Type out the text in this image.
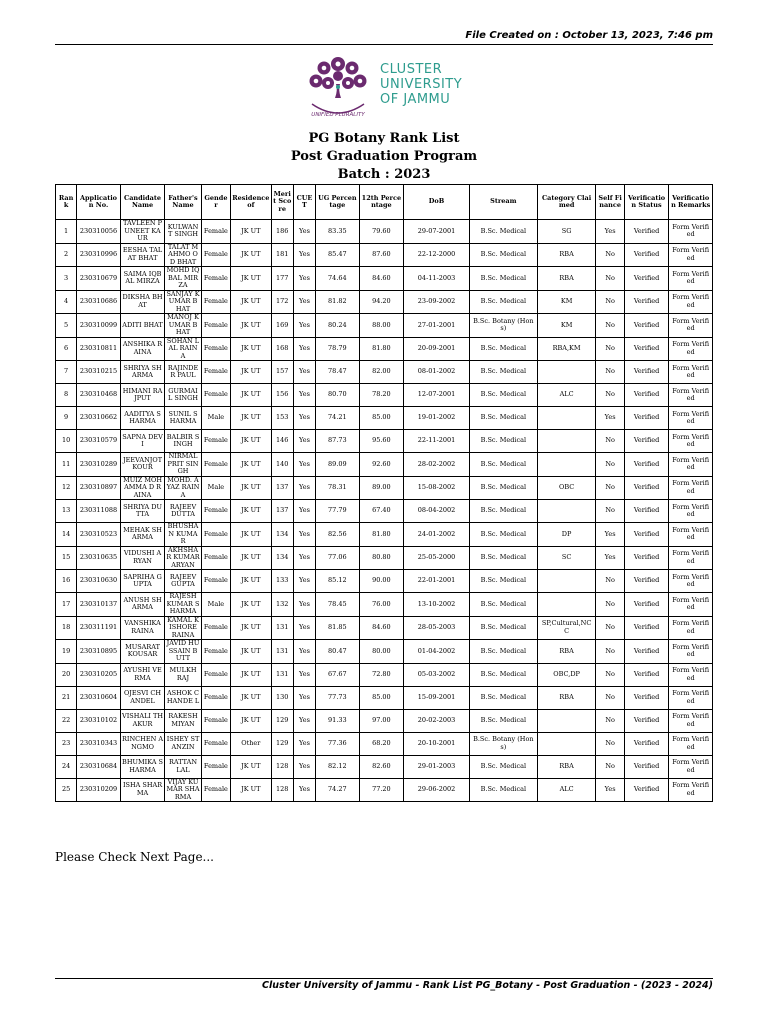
File Created on : October 13, 2023, 7:46 pm
UNIFIED PLURALITY
CLUSTER
UNIVERSITY
OF JAMMU
PG Botany Rank List
Post Graduation Program
Batch : 2023
Rank	Application No.	Candidate Name	Father's Name	Gender	Residence of	Merit Score	CUET	UG Percentage	12th Percentage	DoB	Stream	Category Claimed	Self Finance	Verification Status	Verification Remarks
1	230310056	TAVLEEN PUNEET KAUR	KULWAN T SINGH	Female	JK UT	186	Yes	83.35	79.60	29-07-2001	B.Sc. Medical	SG	Yes	Verified	Form Verified
2	230310996	EESHA TALAT BHAT	TALAT MAHMO OD BHAT	Female	JK UT	181	Yes	85.47	87.60	22-12-2000	B.Sc. Medical	RBA	No	Verified	Form Verified
3	230310679	SAIMA IQBAL MIRZA	MOHD IQBAL MIRZA	Female	JK UT	177	Yes	74.64	84.60	04-11-2003	B.Sc. Medical	RBA	No	Verified	Form Verified
4	230310686	DIKSHA BHAT	SANJAY KUMAR BHAT	Female	JK UT	172	Yes	81.82	94.20	23-09-2002	B.Sc. Medical	KM	No	Verified	Form Verified
5	230310099	ADITI BHAT	MANOJ KUMAR BHAT	Female	JK UT	169	Yes	80.24	88.00	27-01-2001	B.Sc. Botany (Hons)	KM	No	Verified	Form Verified
6	230310811	ANSHIKA RAINA	SOHAN LAL RAINA	Female	JK UT	168	Yes	78.79	81.80	20-09-2001	B.Sc. Medical	RBA,KM	No	Verified	Form Verified
7	230310215	SHRIYA SHARMA	RAJINDE R PAUL	Female	JK UT	157	Yes	78.47	82.00	08-01-2002	B.Sc. Medical		No	Verified	Form Verified
8	230310468	HIMANI RAJPUT	GURMAIL SINGH	Female	JK UT	156	Yes	80.70	78.20	12-07-2001	B.Sc. Medical	ALC	No	Verified	Form Verified
9	230310662	AADITYA SHARMA	SUNIL SHARMA	Male	JK UT	153	Yes	74.21	85.00	19-01-2002	B.Sc. Medical		Yes	Verified	Form Verified
10	230310579	SAPNA DEVI	BALBIR SINGH	Female	JK UT	146	Yes	87.73	95.60	22-11-2001	B.Sc. Medical		No	Verified	Form Verified
11	230310289	JEEVANJOT KOUR	NIRMAL PRIT SINGH	Female	JK UT	140	Yes	89.09	92.60	28-02-2002	B.Sc. Medical		No	Verified	Form Verified
12	230310897	MUIZ MOHAMMA D RAINA	MOHD. AYAZ RAINA	Male	JK UT	137	Yes	78.31	89.00	15-08-2002	B.Sc. Medical	OBC	No	Verified	Form Verified
13	230311088	SHRIYA DUTTA	RAJEEV DUTTA	Female	JK UT	137	Yes	77.79	67.40	08-04-2002	B.Sc. Medical		No	Verified	Form Verified
14	230310523	MEHAK SHARMA	BHUSHA N KUMAR	Female	JK UT	134	Yes	82.56	81.80	24-01-2002	B.Sc. Medical	DP	Yes	Verified	Form Verified
15	230310635	VIDUSHI ARYAN	AKHSHA R KUMAR ARYAN	Female	JK UT	134	Yes	77.06	80.80	25-05-2000	B.Sc. Medical	SC	Yes	Verified	Form Verified
16	230310630	SAPRIHA GUPTA	RAJEEV GUPTA	Female	JK UT	133	Yes	85.12	90.00	22-01-2001	B.Sc. Medical		No	Verified	Form Verified
17	230310137	ANUSH SHARMA	RAJESH KUMAR SHARMA	Male	JK UT	132	Yes	78.45	76.00	13-10-2002	B.Sc. Medical		No	Verified	Form Verified
18	230311191	VANSHIKA RAINA	KAMAL KISHORE RAINA	Female	JK UT	131	Yes	81.85	84.60	28-05-2003	B.Sc. Medical	SP,Cultural,NC C	No	Verified	Form Verified
19	230310895	MUSARAT KOUSAR	JAVID HUSSAIN BUTT	Female	JK UT	131	Yes	80.47	80.00	01-04-2002	B.Sc. Medical	RBA	No	Verified	Form Verified
20	230310205	AYUSHI VERMA	MULKH RAJ	Female	JK UT	131	Yes	67.67	72.80	05-03-2002	B.Sc. Medical	OBC,DP	No	Verified	Form Verified
21	230310604	OJESVI CHANDEL	ASHOK CHANDE L	Female	JK UT	130	Yes	77.73	85.00	15-09-2001	B.Sc. Medical	RBA	No	Verified	Form Verified
22	230310102	VISHALI THAKUR	RAKESH MIYAN	Female	JK UT	129	Yes	91.33	97.00	20-02-2003	B.Sc. Medical		No	Verified	Form Verified
23	230310343	RINCHEN ANGMO	ISHEY STANZIN	Female	Other	129	Yes	77.36	68.20	20-10-2001	B.Sc. Botany (Hons)		No	Verified	Form Verified
24	230310684	BHUMIKA SHARMA	RATTAN LAL	Female	JK UT	128	Yes	82.12	82.60	29-01-2003	B.Sc. Medical	RBA	No	Verified	Form Verified
25	230310209	ISHA SHARMA	VIJAY KUMAR SHARMA	Female	JK UT	128	Yes	74.27	77.20	29-06-2002	B.Sc. Medical	ALC	Yes	Verified	Form Verified
Please Check Next Page...
Cluster University of Jammu - Rank List PG_Botany - Post Graduation - (2023 - 2024)
